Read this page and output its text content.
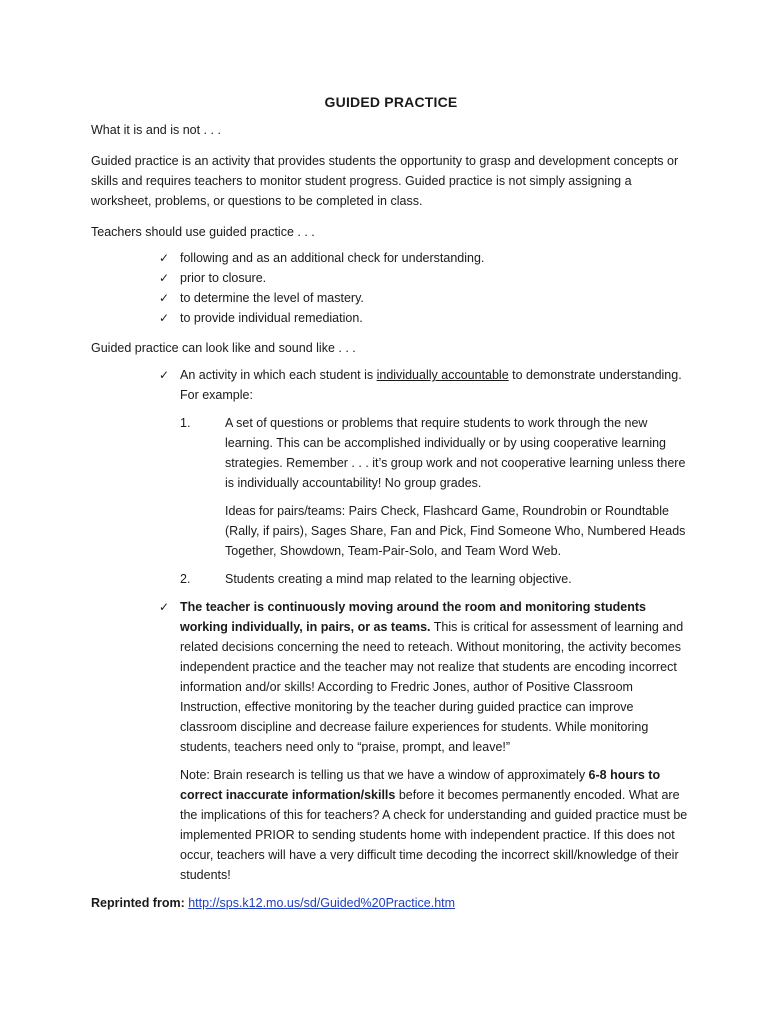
GUIDED PRACTICE

What it is and is not . . .

Guided practice is an activity that provides students the opportunity to grasp and development concepts or skills and requires teachers to monitor student progress. Guided practice is not simply assigning a worksheet, problems, or questions to be completed in class.

Teachers should use guided practice . . .

✓ following and as an additional check for understanding.
✓ prior to closure.
✓ to determine the level of mastery.
✓ to provide individual remediation.

Guided practice can look like and sound like . . .

✓ An activity in which each student is individually accountable to demonstrate understanding. For example:

1.	A set of questions or problems that require students to work through the new learning. This can be accomplished individually or by using cooperative learning strategies. Remember . . . it’s group work and not cooperative learning unless there is individually accountability! No group grades.

Ideas for pairs/teams: Pairs Check, Flashcard Game, Roundrobin or Roundtable (Rally, if pairs), Sages Share, Fan and Pick, Find Someone Who, Numbered Heads Together, Showdown, Team-Pair-Solo, and Team Word Web.

2.	Students creating a mind map related to the learning objective.

✓ The teacher is continuously moving around the room and monitoring students working individually, in pairs, or as teams. This is critical for assessment of learning and related decisions concerning the need to reteach. Without monitoring, the activity becomes independent practice and the teacher may not realize that students are encoding incorrect information and/or skills! According to Fredric Jones, author of Positive Classroom Instruction, effective monitoring by the teacher during guided practice can improve classroom discipline and decrease failure experiences for students. While monitoring students, teachers need only to “praise, prompt, and leave!”

Note: Brain research is telling us that we have a window of approximately 6-8 hours to correct inaccurate information/skills before it becomes permanently encoded. What are the implications of this for teachers? A check for understanding and guided practice must be implemented PRIOR to sending students home with independent practice. If this does not occur, teachers will have a very difficult time decoding the incorrect skill/knowledge of their students!

Reprinted from: http://sps.k12.mo.us/sd/Guided%20Practice.htm
